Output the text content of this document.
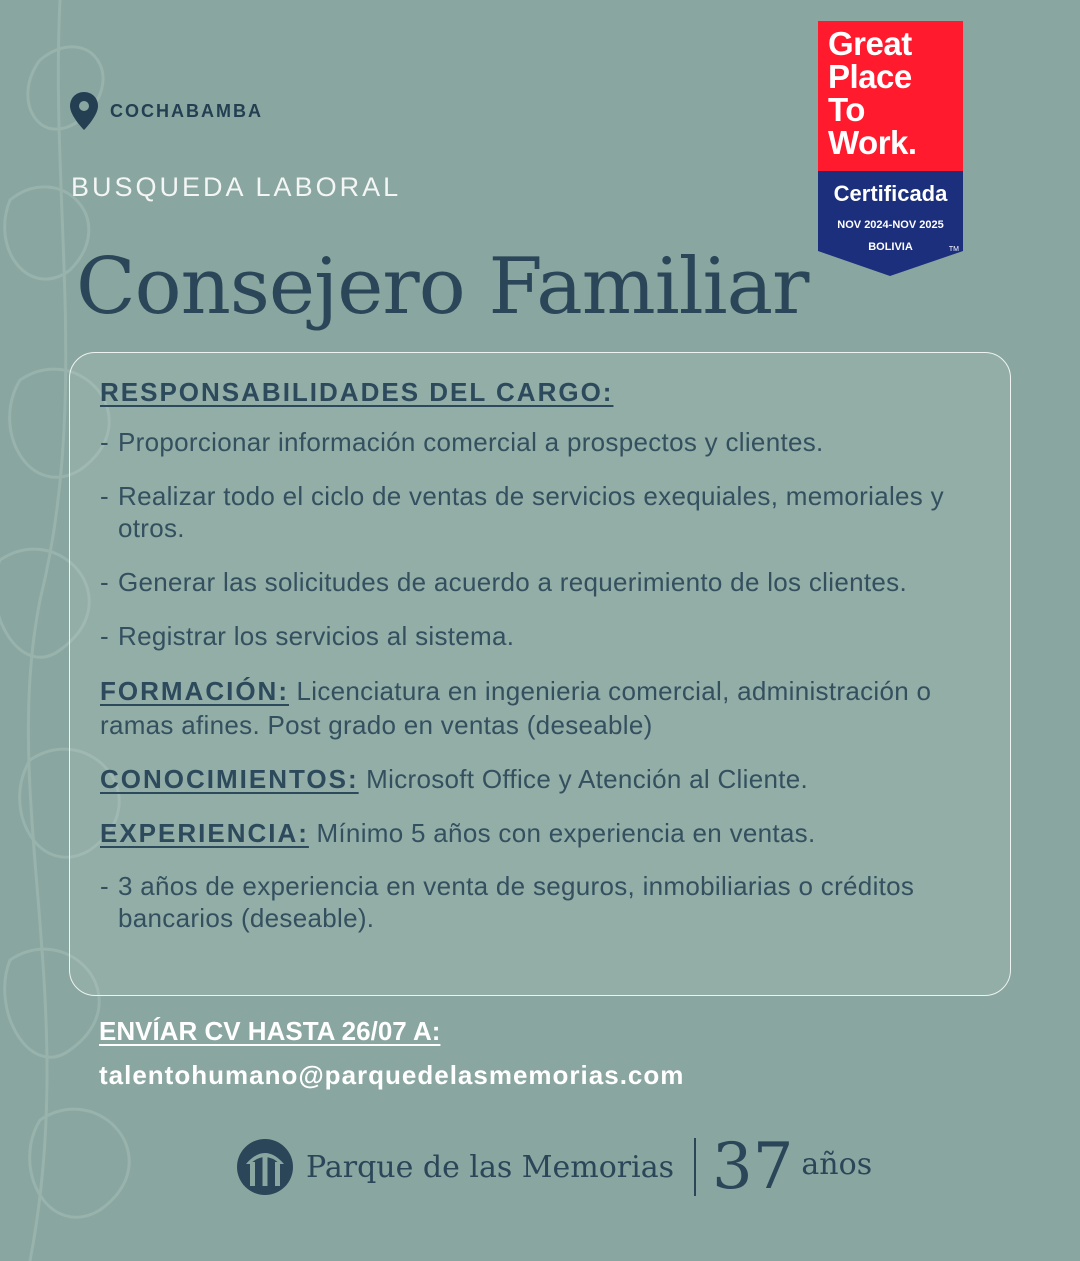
COCHABAMBA
BUSQUEDA LABORAL
Consejero Familiar
Great
Place
To
Work.
Certificada
NOV 2024-NOV 2025
BOLIVIA	TM
RESPONSABILIDADES DEL CARGO:
- Proporcionar información comercial a prospectos y clientes.
- Realizar todo el ciclo de ventas de servicios exequiales, memoriales y otros.
- Generar las solicitudes de acuerdo a requerimiento de los clientes.
- Registrar los servicios al sistema.
FORMACIÓN: Licenciatura en ingenieria comercial, administración o ramas afines. Post grado en ventas (deseable)
CONOCIMIENTOS: Microsoft Office y Atención al Cliente.
EXPERIENCIA: Mínimo 5 años con experiencia en ventas.
- 3 años de experiencia en venta de seguros, inmobiliarias o créditos bancarios (deseable).
ENVÍAR CV HASTA 26/07 A:
talentohumano@parquedelasmemorias.com
Parque de las Memorias 37 años
